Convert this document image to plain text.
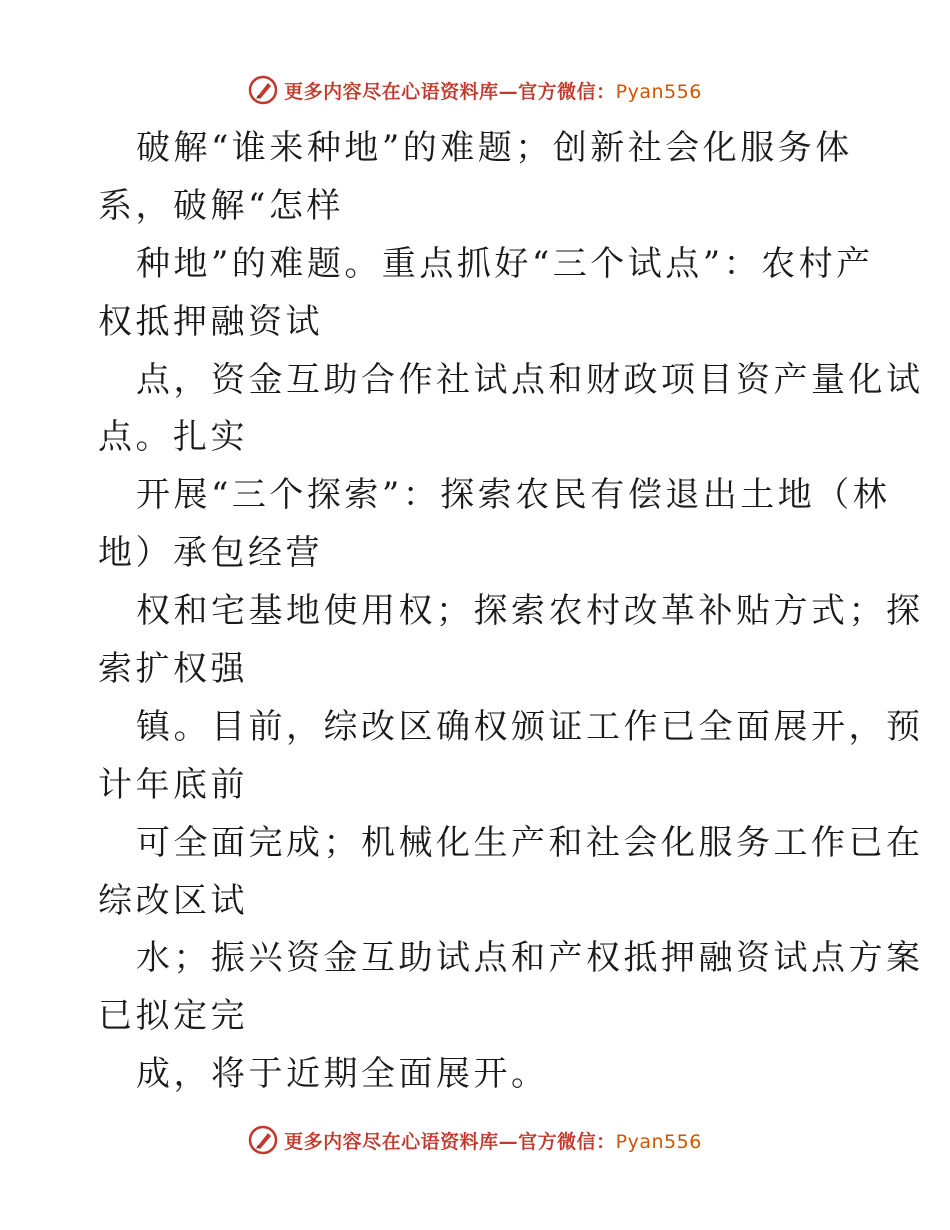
更多内容尽在心语资料库—官方微信：Pyan556
破解“谁来种地”的难题；创新社会化服务体
系，破解“怎样
种地”的难题。重点抓好“三个试点”：农村产
权抵押融资试
点，资金互助合作社试点和财政项目资产量化试
点。扎实
开展“三个探索”：探索农民有偿退出土地（林
地）承包经营
权和宅基地使用权；探索农村改革补贴方式；探
索扩权强
镇。目前，综改区确权颁证工作已全面展开，预
计年底前
可全面完成；机械化生产和社会化服务工作已在
综改区试
水；振兴资金互助试点和产权抵押融资试点方案
已拟定完
成，将于近期全面展开。
更多内容尽在心语资料库—官方微信：Pyan556
